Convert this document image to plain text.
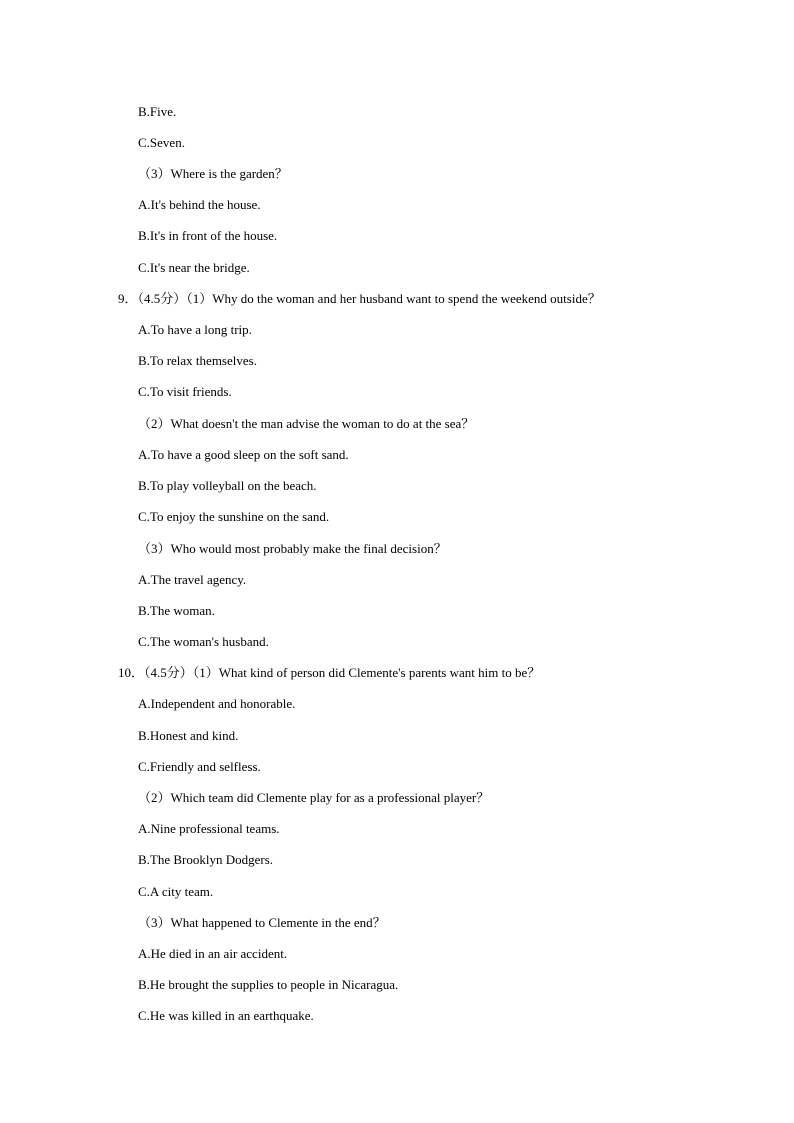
B.Five.
C.Seven.
（3）Where is the garden？
A.It's behind the house.
B.It's in front of the house.
C.It's near the bridge.
9．（4.5分）（1）Why do the woman and her husband want to spend the weekend outside？
A.To have a long trip.
B.To relax themselves.
C.To visit friends.
（2）What doesn't the man advise the woman to do at the sea？
A.To have a good sleep on the soft sand.
B.To play volleyball on the beach.
C.To enjoy the sunshine on the sand.
（3）Who would most probably make the final decision？
A.The travel agency.
B.The woman.
C.The woman's husband.
10．（4.5分）（1）What kind of person did Clemente's parents want him to be？
A.Independent and honorable.
B.Honest and kind.
C.Friendly and selfless.
（2）Which team did Clemente play for as a professional player？
A.Nine professional teams.
B.The Brooklyn Dodgers.
C.A city team.
（3）What happened to Clemente in the end？
A.He died in an air accident.
B.He brought the supplies to people in Nicaragua.
C.He was killed in an earthquake.
